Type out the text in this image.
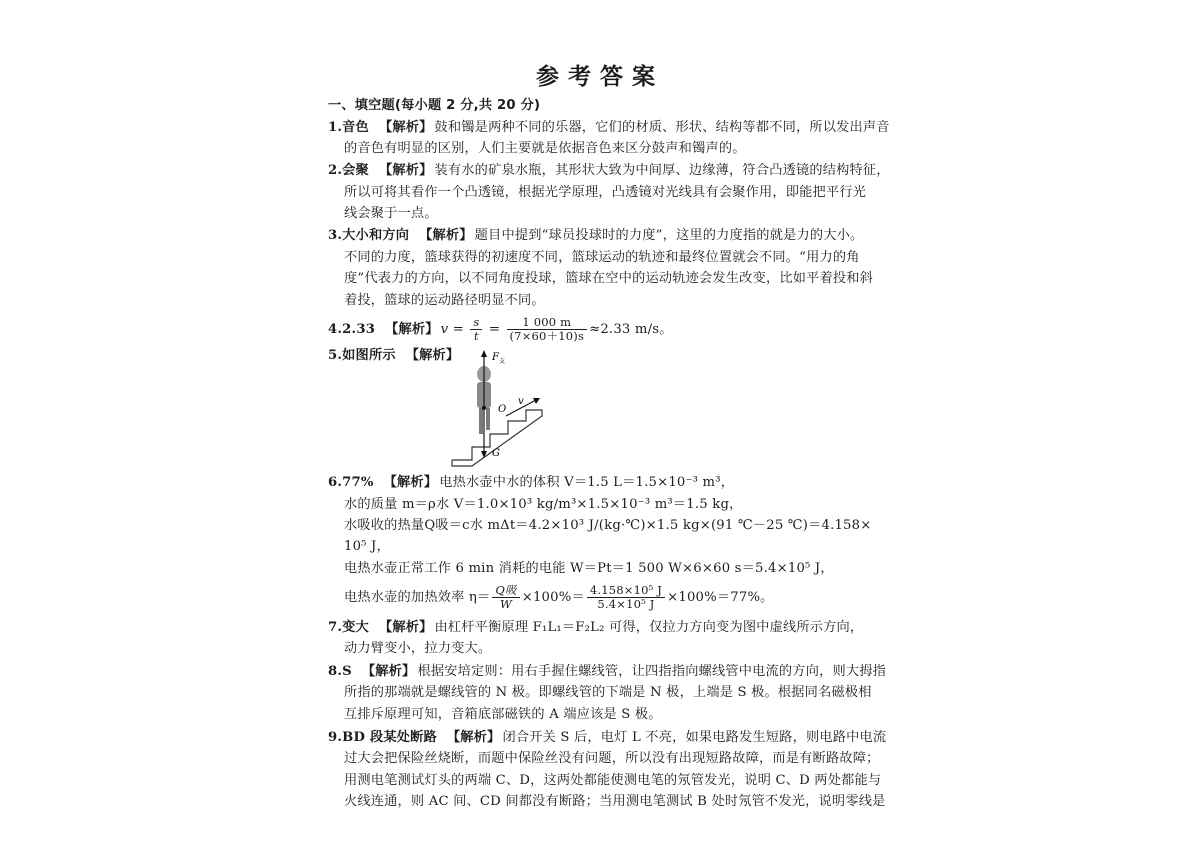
参考答案
一、填空题(每小题 2 分,共 20 分)
1.音色 【解析】 鼓和镯是两种不同的乐器，它们的材质、形状、结构等都不同，所以发出声音
的音色有明显的区别，人们主要就是依据音色来区分鼓声和镯声的。
2.会聚 【解析】 装有水的矿泉水瓶，其形状大致为中间厚、边缘薄，符合凸透镜的结构特征，
所以可将其看作一个凸透镜，根据光学原理，凸透镜对光线具有会聚作用，即能把平行光
线会聚于一点。
3.大小和方向 【解析】 题目中提到“球员投球时的力度”，这里的力度指的就是力的大小。
不同的力度，篮球获得的初速度不同，篮球运动的轨迹和最终位置就会不同。“用力的角
度”代表力的方向，以不同角度投球，篮球在空中的运动轨迹会发生改变，比如平着投和斜
着投，篮球的运动路径明显不同。
4.2.33 【解析】 $v = \frac{s}{t} = \frac{1 000 m}{(7\times 60+10)s} \approx 2.33$ m/s。
5.如图所示 【解析】	F 支
O
v
G
6.77% 【解析】 电热水壶中水的体积 V＝1.5 L＝1.5×10⁻³ m³，
水的质量 m＝ρ水 V＝1.0×10³ kg/m³×1.5×10⁻³ m³＝1.5 kg，
水吸收的热量Q吸＝c水 mΔt＝4.2×10³ J/(kg·℃)×1.5 kg×(91 ℃－25 ℃)＝4.158×
10⁵ J，
电热水壶正常工作 6 min 消耗的电能 W＝Pt＝1 500 W×6×60 s＝5.4×10⁵ J，
电热水壶的加热效率 $\eta= \frac{\text{Q吸}}{W} \times 100\%= \frac{\text{4.158×10⁵ J}}{\text{5.4×10⁵ J}} \times 100\%=77\%$。
7.变大 【解析】 由杠杆平衡原理 F₁L₁＝F₂L₂ 可得，仅拉力方向变为图中虚线所示方向，
动力臂变小，拉力变大。
8.S 【解析】 根据安培定则：用右手握住螺线管，让四指指向螺线管中电流的方向，则大拇指
所指的那端就是螺线管的 N 极。即螺线管的下端是 N 极，上端是 S 极。根据同名磁极相
互排斥原理可知，音箱底部磁铁的 A 端应该是 S 极。
9.BD 段某处断路 【解析】 闭合开关 S 后，电灯 L 不亮，如果电路发生短路，则电路中电流
过大会把保险丝烧断，而题中保险丝没有问题，所以没有出现短路故障，而是有断路故障；
用测电笔测试灯头的两端 C、D，这两处都能使测电笔的氖管发光，说明 C、D 两处都能与
火线连通，则 AC 间、CD 间都没有断路；当用测电笔测试 B 处时氖管不发光，说明零线是
